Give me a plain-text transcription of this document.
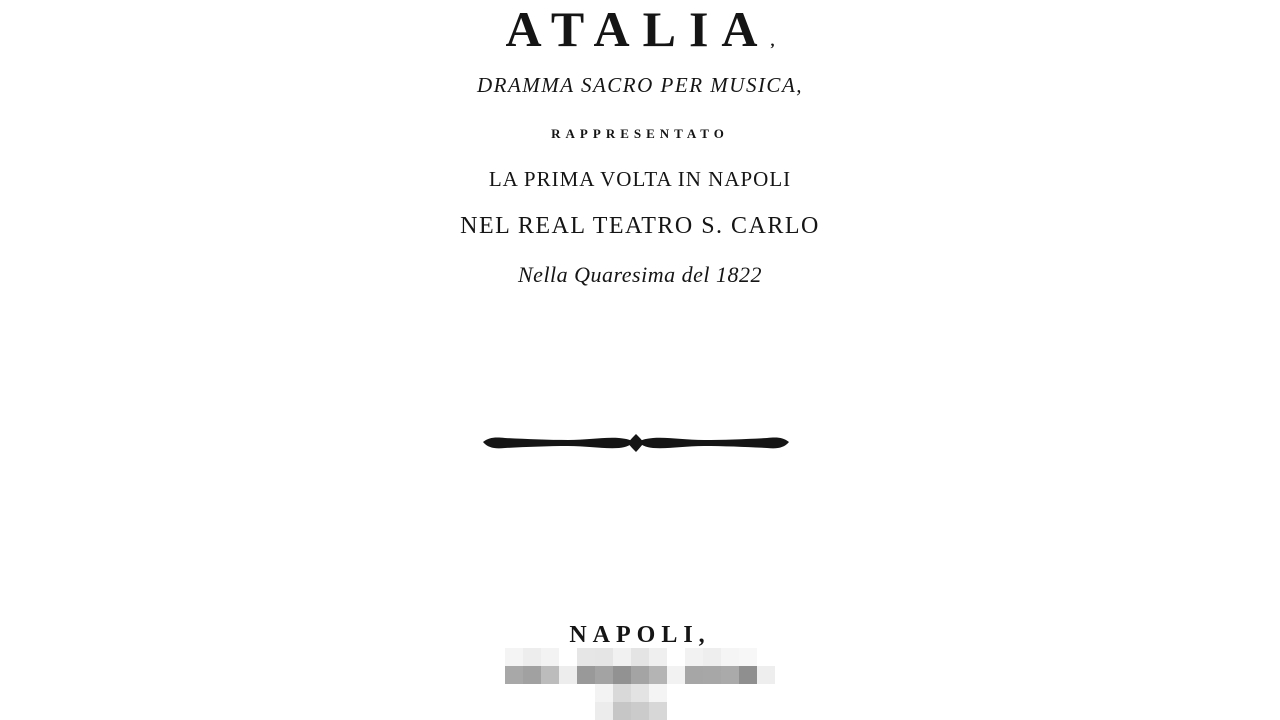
ATALIA,
DRAMMA SACRO PER MUSICA,
RAPPRESENTATO
LA PRIMA VOLTA IN NAPOLI
NEL REAL TEATRO S. CARLO
Nella Quaresima del 1822
NAPOLI,
